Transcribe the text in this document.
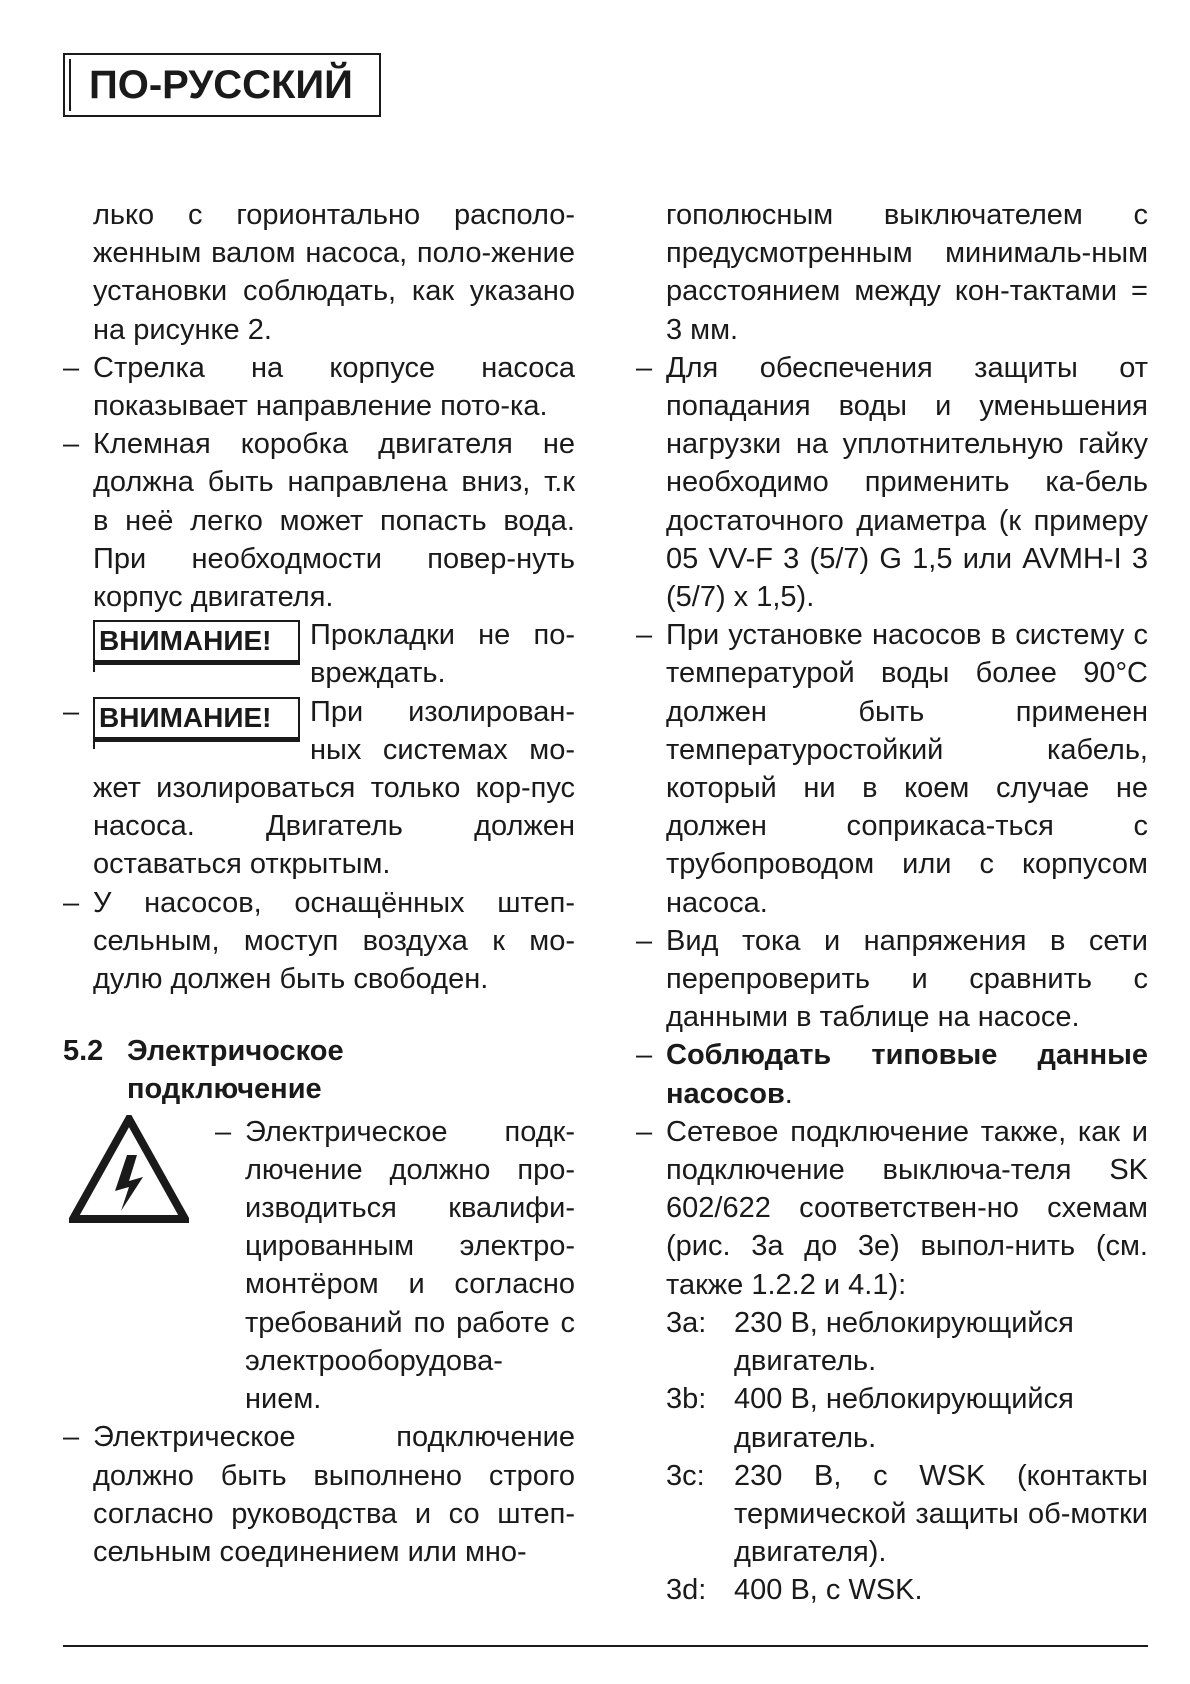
ПО-РУССКИЙ
лько с горионтально располо-женным валом насоса, поло-жение установки соблюдать, как указано на рисунке 2.
– Стрелка на корпусе насоса показывает направление пото-ка.
– Клемная коробка двигателя не должна быть направлена вниз, т.к в неё легко может попасть вода. При необходмости повер-нуть корпус двигателя.
ВНИМАНИЕ!	Прокладки не по-вреждать.
– ВНИМАНИЕ!	При изолирован-ных системах мо-жет изолироваться только кор-пус насоса. Двигатель должен оставаться открытым.
– У насосов, оснащённых штеп-сельным, моступ воздуха к мо-дулю должен быть свободен.
5.2 Электричоское
подключение
– Электрическое подк-лючение должно про-изводиться квалифи-цированным электро-монтёром и согласно требований по работе с электрооборудова-нием.
– Электрическое подключение должно быть выполнено строго согласно руководства и со штеп-сельным соединением или мно-
гополюсным выключателем с предусмотренным минималь-ным расстоянием между кон-тактами = 3 мм.
– Для обеспечения защиты от попадания воды и уменьшения нагрузки на уплотнительную гайку необходимо применить ка-бель достаточного диаметра (к примеру 05 VV-F 3 (5/7) G 1,5 или AVMH-I 3 (5/7) x 1,5).
– При установке насосов в систему с температурой воды более 90°С должен быть применен температуростойкий кабель, который ни в коем случае не должен соприкаса-ться с трубопроводом или с корпусом насоса.
– Вид тока и напряжения в сети перепроверить и сравнить с данными в таблице на насосе.
– Соблюдать типовые данные насосов.
– Сетевое подключение также, как и подключение выключа-теля SK 602/622 соответствен-но схемам (рис. 3а до 3е) выпол-нить (см. также 1.2.2 и 4.1):
3a: 230 В, неблокирующийся двигатель.
3b: 400 В, неблокирующийся двигатель.
3c: 230 В, с WSK (контакты термической защиты об-мотки двигателя).
3d: 400 В, с WSK.
